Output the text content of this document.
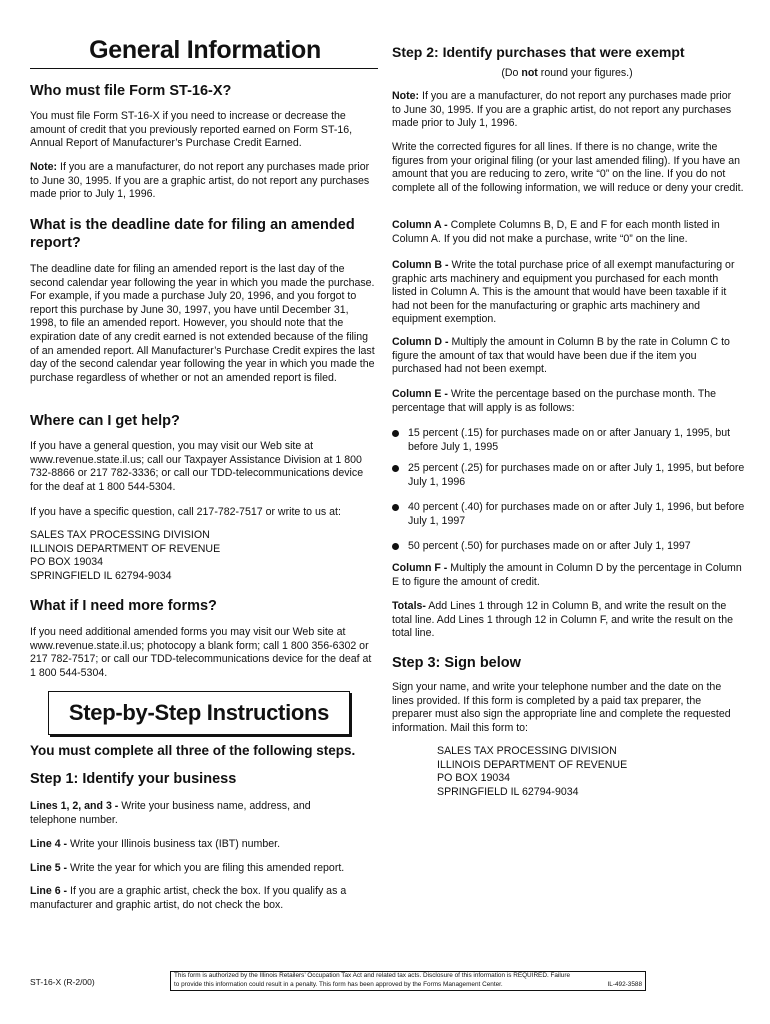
General Information
Who must file Form ST-16-X?
You must file Form ST-16-X if you need to increase or decrease the amount of credit that you previously reported earned on Form ST-16, Annual Report of Manufacturer’s Purchase Credit Earned.
Note: If you are a manufacturer, do not report any purchases made prior to June 30, 1995. If you are a graphic artist, do not report any purchases made prior to July 1, 1996.
What is the deadline date for filing an amended report?
The deadline date for filing an amended report is the last day of the second calendar year following the year in which you made the purchase. For example, if you made a purchase July 20, 1996, and you forgot to report this purchase by June 30, 1997, you have until December 31, 1998, to file an amended report. However, you should note that the expiration date of any credit earned is not extended because of the filing of an amended report. All Manufacturer’s Purchase Credit expires the last day of the second calendar year following the year in which you made the purchase regardless of whether or not an amended report is filed.
Where can I get help?
If you have a general question, you may visit our Web site at www.revenue.state.il.us; call our Taxpayer Assistance Division at 1 800 732-8866 or 217 782-3336; or call our TDD-telecommunications device for the deaf at 1 800 544-5304.
If you have a specific question, call 217-782-7517 or write to us at:
SALES TAX PROCESSING DIVISION
ILLINOIS DEPARTMENT OF REVENUE
PO BOX 19034
SPRINGFIELD IL 62794-9034
What if I need more forms?
If you need additional amended forms you may visit our Web site at www.revenue.state.il.us; photocopy a blank form; call 1 800 356-6302 or 217 782-7517; or call our TDD-telecommunications device for the deaf at 1 800 544-5304.
Step-by-Step Instructions
You must complete all three of the following steps.
Step 1: Identify your business
Lines 1, 2, and 3 - Write your business name, address, and telephone number.
Line 4 - Write your Illinois business tax (IBT) number.
Line 5 - Write the year for which you are filing this amended report.
Line 6 - If you are a graphic artist, check the box. If you qualify as a manufacturer and graphic artist, do not check the box.
Step 2: Identify purchases that were exempt
(Do not round your figures.)
Note: If you are a manufacturer, do not report any purchases made prior to June 30, 1995. If you are a graphic artist, do not report any purchases made prior to July 1, 1996.
Write the corrected figures for all lines. If there is no change, write the figures from your original filing (or your last amended filing). If you have an amount that you are reducing to zero, write “0” on the line. If you do not complete all of the following information, we will reduce or deny your credit.
Column A - Complete Columns B, D, E and F for each month listed in Column A. If you did not make a purchase, write “0” on the line.
Column B - Write the total purchase price of all exempt manufacturing or graphic arts machinery and equipment you purchased for each month listed in Column A. This is the amount that would have been taxable if it had not been for the manufacturing or graphic arts machinery and equipment exemption.
Column D - Multiply the amount in Column B by the rate in Column C to figure the amount of tax that would have been due if the item you purchased had not been exempt.
Column E - Write the percentage based on the purchase month. The percentage that will apply is as follows:
15 percent (.15) for purchases made on or after January 1, 1995, but before July 1, 1995
25 percent (.25) for purchases made on or after July 1, 1995, but before July 1, 1996
40 percent (.40) for purchases made on or after July 1, 1996, but before July 1, 1997
50 percent (.50) for purchases made on or after July 1, 1997
Column F - Multiply the amount in Column D by the percentage in Column E to figure the amount of credit.
Totals- Add Lines 1 through 12 in Column B, and write the result on the total line. Add Lines 1 through 12 in Column F, and write the result on the total line.
Step 3: Sign below
Sign your name, and write your telephone number and the date on the lines provided. If this form is completed by a paid tax preparer, the preparer must also sign the appropriate line and complete the requested information. Mail this form to:
SALES TAX PROCESSING DIVISION
ILLINOIS DEPARTMENT OF REVENUE
PO BOX 19034
SPRINGFIELD IL 62794-9034
ST-16-X (R-2/00)
This form is authorized by the Illinois Retailers’ Occupation Tax Act and related tax acts. Disclosure of this information is REQUIRED. Failure
to provide this information could result in a penalty. This form has been approved by the Forms Management Center.	IL-492-3588
